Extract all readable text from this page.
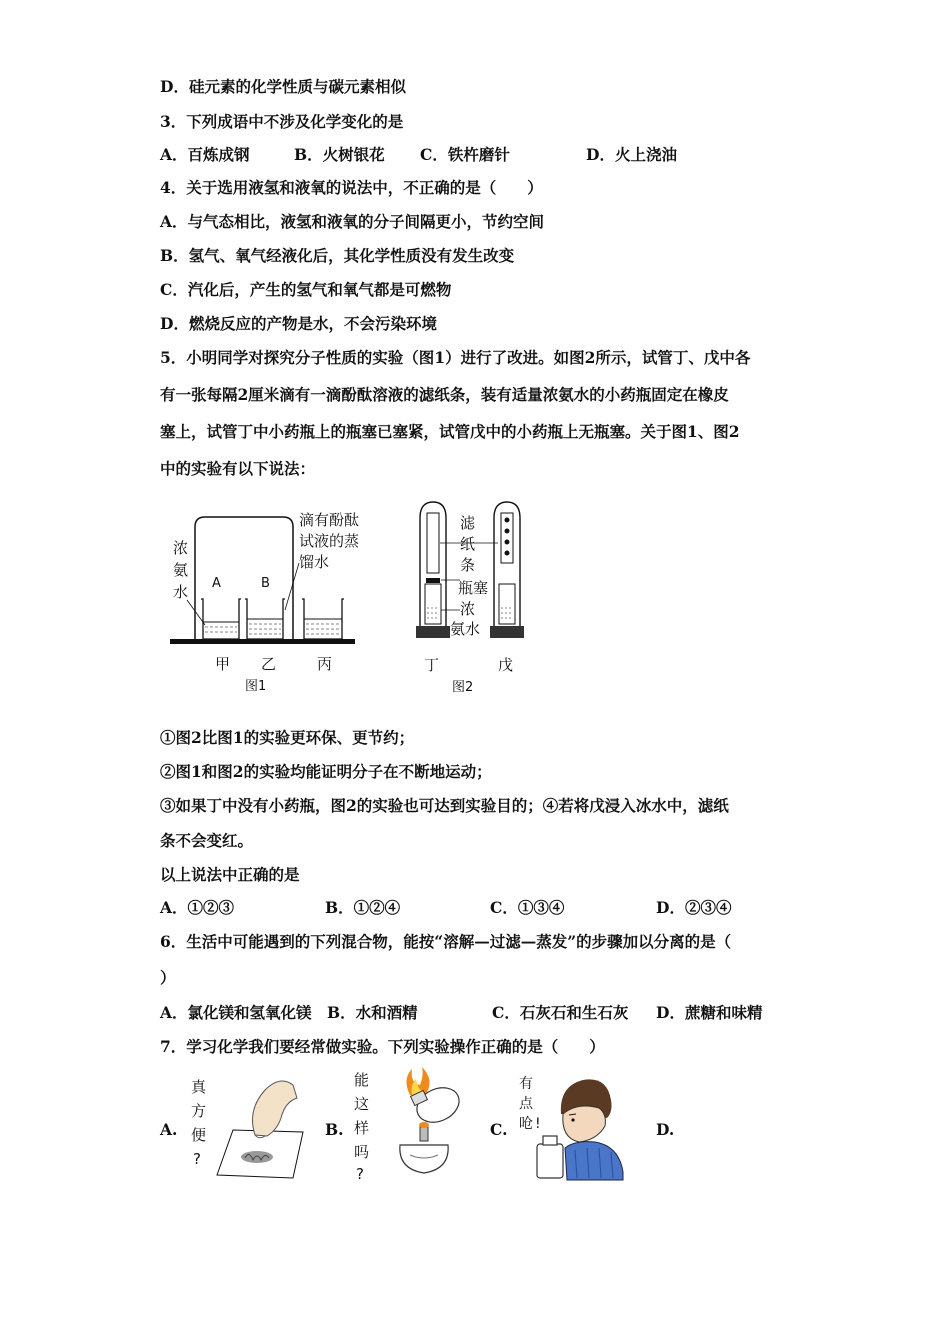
D．硅元素的化学性质与碳元素相似
3．下列成语中不涉及化学变化的是
A．百炼成钢	B．火树银花 C．铁杵磨针	D．火上浇油
4．关于选用液氢和液氧的说法中，不正确的是（　　）
A．与气态相比，液氢和液氧的分子间隔更小，节约空间
B．氢气、氧气经液化后，其化学性质没有发生改变
C．汽化后，产生的氢气和氧气都是可燃物
D．燃烧反应的产物是水，不会污染环境
5．小明同学对探究分子性质的实验（图1）进行了改进。如图2所示，试管丁、戊中各
有一张每隔2厘米滴有一滴酚酞溶液的滤纸条，装有适量浓氨水的小药瓶固定在橡皮
塞上，试管丁中小药瓶上的瓶塞已塞紧，试管戊中的小药瓶上无瓶塞。关于图1、图2
中的实验有以下说法：
浓
氨
水 A	B
滴有酚酞
试液的蒸
馏水
甲 乙	丙
图1
滤
纸
条
瓶塞
浓
氨水
丁	戊
图2
①图2比图1的实验更环保、更节约；
②图1和图2的实验均能证明分子在不断地运动；
③如果丁中没有小药瓶，图2的实验也可达到实验目的；④若将戊浸入冰水中，滤纸
条不会变红。
以上说法中正确的是
A．①②③	B．①②④	C．①③④	D．②③④
6．生活中可能遇到的下列混合物，能按“溶解—过滤—蒸发”的步骤加以分离的是（
）
A．氯化镁和氢氧化镁 B．水和酒精	C．石灰石和生石灰 D．蔗糖和味精
7．学习化学我们要经常做实验。下列实验操作正确的是（　　）
A.	B.	C.	D.
真
方
便
?
能
这
样
吗
?
有
点
呛 !
